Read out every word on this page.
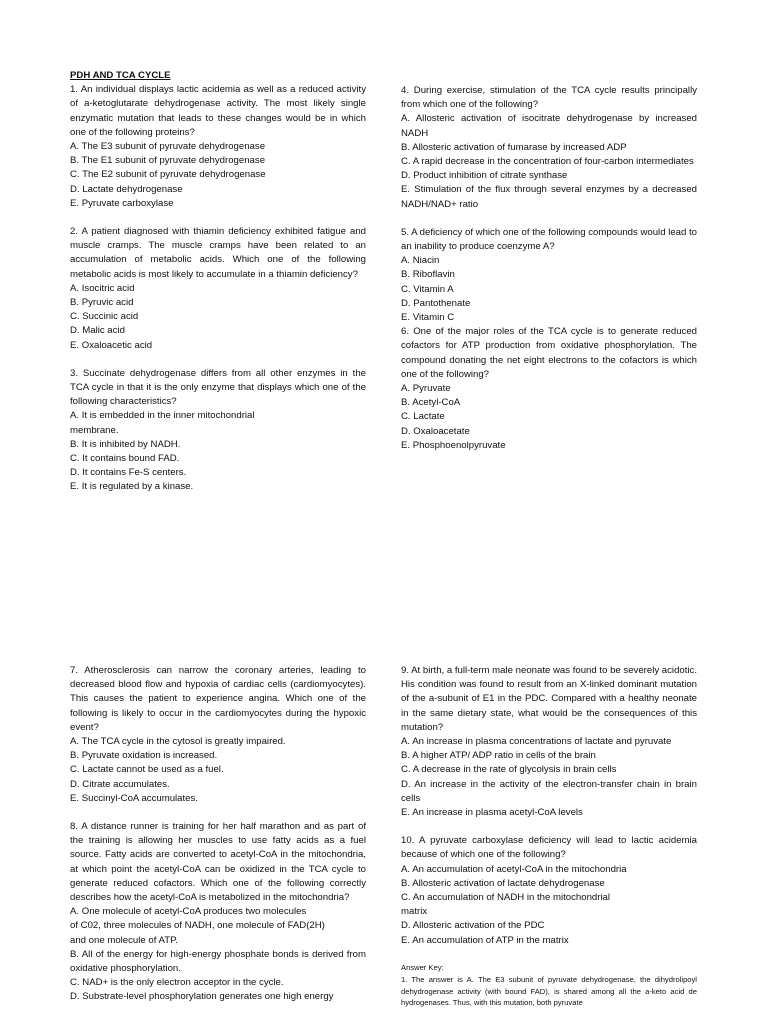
PDH AND TCA CYCLE
1. An individual displays lactic acidemia as well as a reduced activity of a-ketoglutarate dehydrogenase activity. The most likely single enzymatic mutation that leads to these changes would be in which one of the following proteins?
A. The E3 subunit of pyruvate dehydrogenase
B. The E1 subunit of pyruvate dehydrogenase
C. The E2 subunit of pyruvate dehydrogenase
D. Lactate dehydrogenase
E. Pyruvate carboxylase
2. A patient diagnosed with thiamin deficiency exhibited fatigue and muscle cramps. The muscle cramps have been related to an accumulation of metabolic acids. Which one of the following metabolic acids is most likely to accumulate in a thiamin deficiency?
A. Isocitric acid
B. Pyruvic acid
C. Succinic acid
D. Malic acid
E. Oxaloacetic acid
3. Succinate dehydrogenase differs from all other enzymes in the TCA cycle in that it is the only enzyme that displays which one of the following characteristics?
A. It is embedded in the inner mitochondrial
membrane.
B. It is inhibited by NADH.
C. It contains bound FAD.
D. It contains Fe-S centers.
E. It is regulated by a kinase.
4. During exercise, stimulation of the TCA cycle results principally from which one of the following?
A. Allosteric activation of isocitrate dehydrogenase by increased NADH
B. Allosteric activation of fumarase by increased ADP
C. A rapid decrease in the concentration of four-carbon intermediates
D. Product inhibition of citrate synthase
E. Stimulation of the flux through several enzymes by a decreased NADH/NAD+ ratio
5. A deficiency of which one of the following compounds would lead to an inability to produce coenzyme A?
A. Niacin
B. Riboflavin
C. Vitamin A
D. Pantothenate
E. Vitamin C
6. One of the major roles of the TCA cycle is to generate reduced cofactors for ATP production from oxidative phosphorylation. The compound donating the net eight electrons to the cofactors is which one of the following?
A. Pyruvate
B. Acetyl-CoA
C. Lactate
D. Oxaloacetate
E. Phosphoenolpyruvate
7. Atherosclerosis can narrow the coronary arteries, leading to decreased blood flow and hypoxia of cardiac cells (cardiomyocytes). This causes the patient to experience angina. Which one of the following is likely to occur in the cardiomyocytes during the hypoxic event?
A. The TCA cycle in the cytosol is greatly impaired.
B. Pyruvate oxidation is increased.
C. Lactate cannot be used as a fuel.
D. Citrate accumulates.
E. Succinyl-CoA accumulates.
8. A distance runner is training for her half marathon and as part of the training is allowing her muscles to use fatty acids as a fuel source. Fatty acids are converted to acetyl-CoA in the mitochondria, at which point the acetyl-CoA can be oxidized in the TCA cycle to generate reduced cofactors. Which one of the following correctly describes how the acetyl-CoA is metabolized in the mitochondria?
A. One molecule of acetyl-CoA produces two molecules
of C02, three molecules of NADH, one molecule of FAD(2H)
and one molecule of ATP.
B. All of the energy for high-energy phosphate bonds is derived from oxidative phosphorylation.
C. NAD+ is the only electron acceptor in the cycle.
D. Substrate-level phosphorylation generates one high energy
9. At birth, a full-term male neonate was found to be severely acidotic. His condition was found to result from an X-linked dominant mutation of the a-subunit of E1 in the PDC. Compared with a healthy neonate in the same dietary state, what would be the consequences of this mutation?
A. An increase in plasma concentrations of lactate and pyruvate
B. A higher ATP/ ADP ratio in cells of the brain
C. A decrease in the rate of glycolysis in brain cells
D. An increase in the activity of the electron-transfer chain in brain cells
E. An increase in plasma acetyl-CoA levels
10. A pyruvate carboxylase deficiency will lead to lactic acidemia because of which one of the following?
A. An accumulation of acetyl-CoA in the mitochondria
B. Allosteric activation of lactate dehydrogenase
C. An accumulation of NADH in the mitochondrial
matrix
D. Allosteric activation of the PDC
E. An accumulation of ATP in the matrix
Answer Key:
1. The answer is A. The E3 subunit of pyruvate dehydrogenase, the dihydrolipoyl dehydrogenase activity (with bound FAD), is shared among all the a-keto acid de hydrogenases. Thus, with this mutation, both pyruvate
